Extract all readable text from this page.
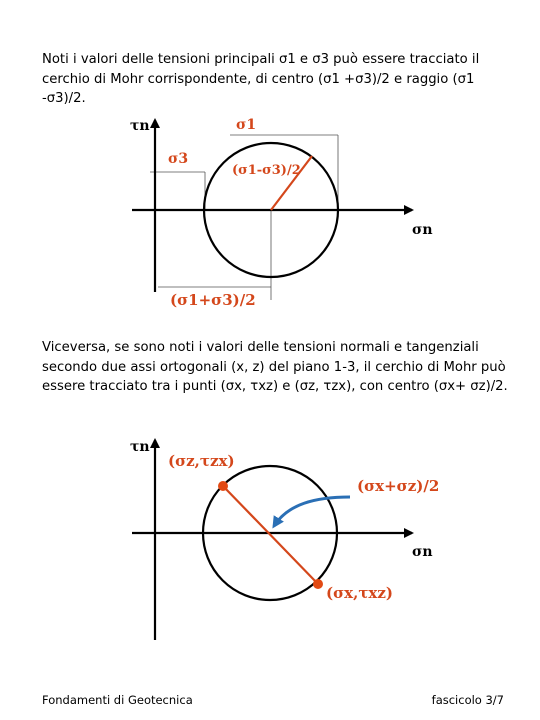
Noti i valori delle tensioni principali σ1 e σ3 può essere tracciato il cerchio di Mohr corrispondente, di centro (σ1 +σ3)/2 e raggio (σ1 -σ3)/2.

τn
σn
σ1
σ3
(σ1-σ3)/2
(σ1+σ3)/2
τn
σn
(σz,τzx)
(σx+σz)/2
(σx,τxz)

Viceversa, se sono noti i valori delle tensioni normali e tangenziali secondo due assi ortogonali (x, z) del piano 1-3, il cerchio di Mohr può essere tracciato tra i punti (σx, τxz) e (σz, τzx), con centro (σx+ σz)/2.

Fondamenti di Geotecnica	fascicolo 3/7
